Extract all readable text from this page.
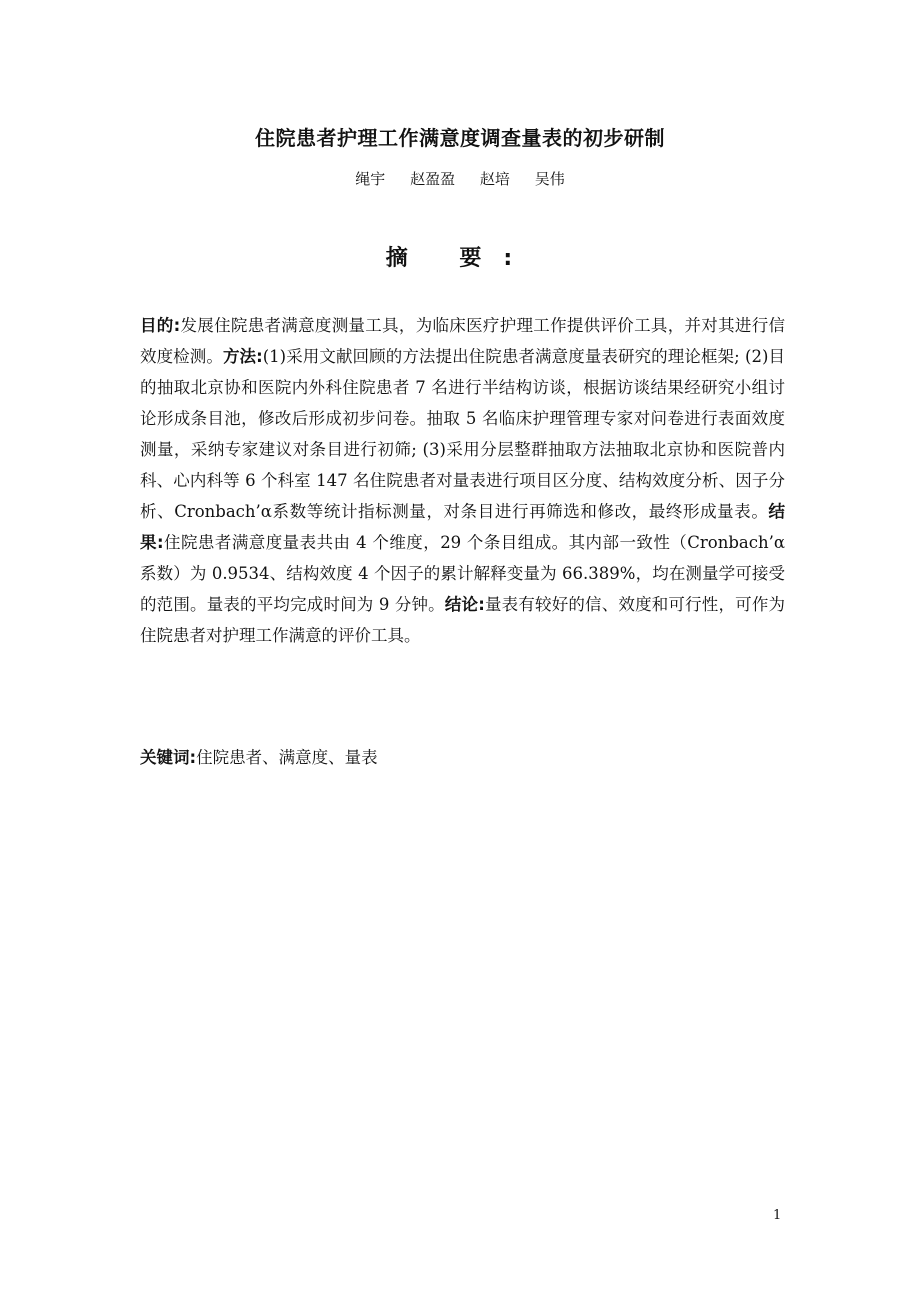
住院患者护理工作满意度调查量表的初步研制
绳宇 赵盈盈 赵培 吴伟
摘 要:
目的:发展住院患者满意度测量工具，为临床医疗护理工作提供评价工具，并对其进行信效度检测。方法:(1)采用文献回顾的方法提出住院患者满意度量表研究的理论框架; (2)目的抽取北京协和医院内外科住院患者 7 名进行半结构访谈，根据访谈结果经研究小组讨论形成条目池，修改后形成初步问卷。抽取 5 名临床护理管理专家对问卷进行表面效度测量，采纳专家建议对条目进行初筛; (3)采用分层整群抽取方法抽取北京协和医院普内科、心内科等 6 个科室 147 名住院患者对量表进行项目区分度、结构效度分析、因子分析、Cronbach’α系数等统计指标测量，对条目进行再筛选和修改，最终形成量表。结果:住院患者满意度量表共由 4 个维度，29 个条目组成。其内部一致性（Cronbach’α系数）为 0.9534、结构效度 4 个因子的累计解释变量为 66.389%，均在测量学可接受的范围。量表的平均完成时间为 9 分钟。结论:量表有较好的信、效度和可行性，可作为住院患者对护理工作满意的评价工具。
关键词:住院患者、满意度、量表
1
